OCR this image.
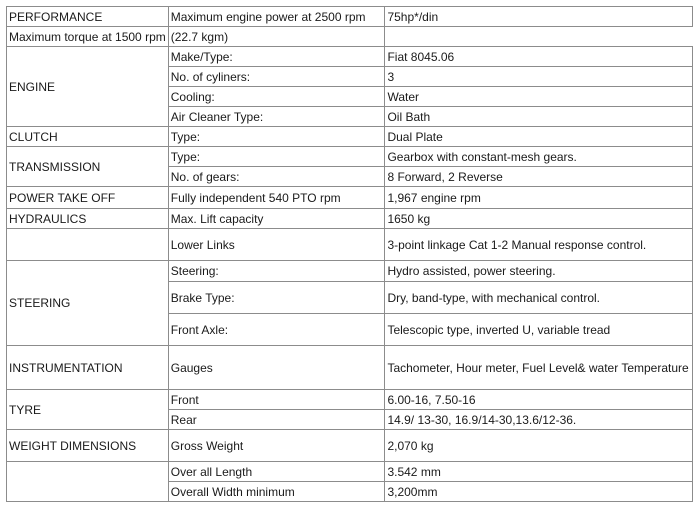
PERFORMANCE	Maximum engine power at 2500 rpm	75hp*/din
Maximum torque at 1500 rpm	(22.7 kgm)	
ENGINE	Make/Type:	Fiat 8045.06
	No. of cyliners:	3
	Cooling:	Water
	Air Cleaner Type:	Oil Bath
CLUTCH	Type:	Dual Plate
TRANSMISSION	Type:	Gearbox with constant-mesh gears.
	No. of gears:	8 Forward, 2 Reverse
POWER TAKE OFF	Fully independent 540 PTO rpm	1,967 engine rpm
HYDRAULICS	Max. Lift capacity	1650 kg
	Lower Links	3-point linkage Cat 1-2 Manual response control.
STEERING	Steering:	Hydro assisted, power steering.
	Brake Type:	Dry, band-type, with mechanical control.
	Front Axle:	Telescopic type, inverted U, variable tread
INSTRUMENTATION	Gauges	Tachometer, Hour meter, Fuel Level& water Temperature
TYRE	Front	6.00-16, 7.50-16
	Rear	14.9/ 13-30, 16.9/14-30,13.6/12-36.
WEIGHT DIMENSIONS	Gross Weight	2,070 kg
	Over all Length	3.542 mm
	Overall Width minimum	3,200mm
